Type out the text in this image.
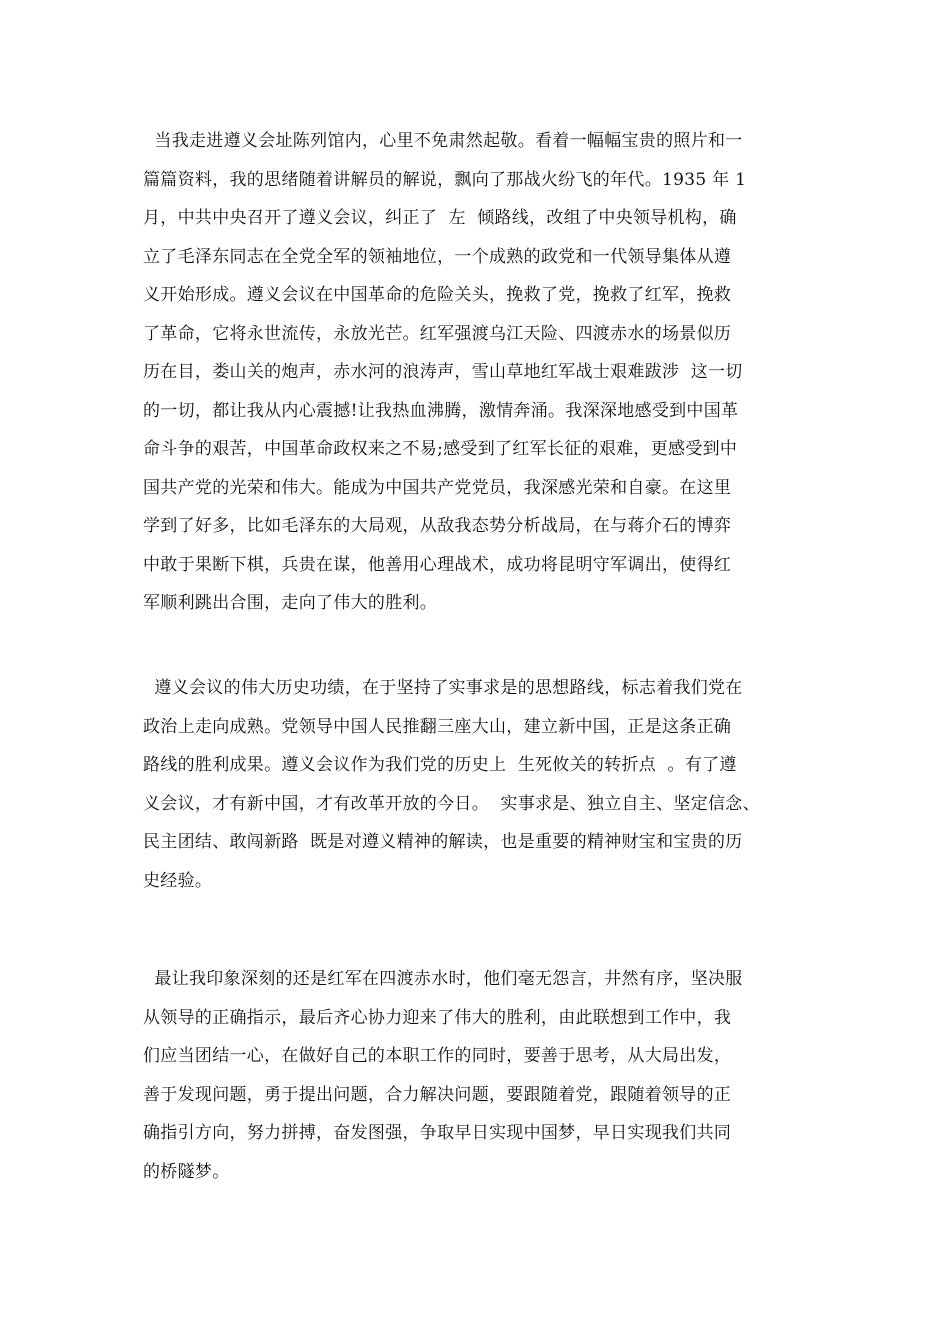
当我走进遵义会址陈列馆内，心里不免肃然起敬。看着一幅幅宝贵的照片和一
篇篇资料，我的思绪随着讲解员的解说，飘向了那战火纷飞的年代。1935 年 1
月，中共中央召开了遵义会议，纠正了  左  倾路线，改组了中央领导机构，确
立了毛泽东同志在全党全军的领袖地位，一个成熟的政党和一代领导集体从遵
义开始形成。遵义会议在中国革命的危险关头，挽救了党，挽救了红军，挽救
了革命，它将永世流传，永放光芒。红军强渡乌江天险、四渡赤水的场景似历
历在目，娄山关的炮声，赤水河的浪涛声，雪山草地红军战士艰难跋涉  这一切
的一切，都让我从内心震撼!让我热血沸腾，激情奔涌。我深深地感受到中国革
命斗争的艰苦，中国革命政权来之不易;感受到了红军长征的艰难，更感受到中
国共产党的光荣和伟大。能成为中国共产党党员，我深感光荣和自豪。在这里
学到了好多，比如毛泽东的大局观，从敌我态势分析战局，在与蒋介石的博弈
中敢于果断下棋，兵贵在谋，他善用心理战术，成功将昆明守军调出，使得红
军顺利跳出合围，走向了伟大的胜利。
遵义会议的伟大历史功绩，在于坚持了实事求是的思想路线，标志着我们党在
政治上走向成熟。党领导中国人民推翻三座大山，建立新中国，正是这条正确
路线的胜利成果。遵义会议作为我们党的历史上  生死攸关的转折点  。有了遵
义会议，才有新中国，才有改革开放的今日。  实事求是、独立自主、坚定信念、
民主团结、敢闯新路  既是对遵义精神的解读，也是重要的精神财宝和宝贵的历
史经验。
最让我印象深刻的还是红军在四渡赤水时，他们毫无怨言，井然有序，坚决服
从领导的正确指示，最后齐心协力迎来了伟大的胜利，由此联想到工作中，我
们应当团结一心，在做好自己的本职工作的同时，要善于思考，从大局出发，
善于发现问题，勇于提出问题，合力解决问题，要跟随着党，跟随着领导的正
确指引方向，努力拼搏，奋发图强，争取早日实现中国梦，早日实现我们共同
的桥隧梦。
